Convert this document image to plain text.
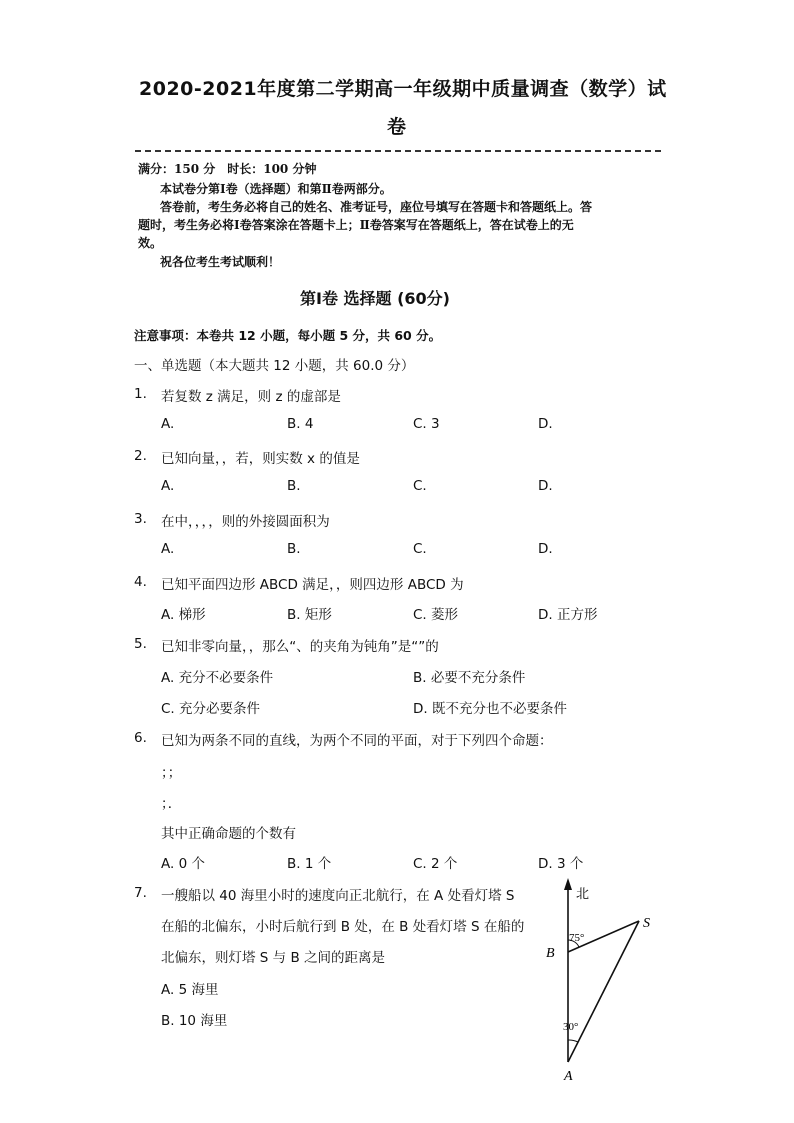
2020-2021年度第二学期高一年级期中质量调查（数学）试
卷
满分：150 分　时长：100 分钟
本试卷分第Ⅰ卷（选择题）和第Ⅱ卷两部分。
答卷前，考生务必将自己的姓名、准考证号，座位号填写在答题卡和答题纸上。答
题时，考生务必将Ⅰ卷答案涂在答题卡上；Ⅱ卷答案写在答题纸上，答在试卷上的无
效。
祝各位考生考试顺利！
第Ⅰ卷 选择题 (60分)
注意事项：本卷共 12 小题，每小题 5 分，共 60 分。
一、单选题（本大题共 12 小题，共 60.0 分）
1. 若复数 z 满足，则 z 的虚部是
A.	B. 4	C. 3	D.
2. 已知向量，，若，则实数 x 的值是
A.	B.	C.	D.
3. 在中，，，，则的外接圆面积为
A.	B.	C.	D.
4. 已知平面四边形 ABCD 满足，，则四边形 ABCD 为
A. 梯形	B. 矩形	C. 菱形	D. 正方形
5. 已知非零向量，，那么“、的夹角为钝角”是“”的
A. 充分不必要条件	B. 必要不充分条件
C. 充分必要条件	D. 既不充分也不必要条件
6. 已知为两条不同的直线，为两个不同的平面，对于下列四个命题：
；；
；．
其中正确命题的个数有
A. 0 个	B. 1 个	C. 2 个	D. 3 个
7. 一艘船以 40 海里小时的速度向正北航行，在 A 处看灯塔 S
在船的北偏东，小时后航行到 B 处，在 B 处看灯塔 S 在船的
北偏东，则灯塔 S 与 B 之间的距离是
A. 5 海里
B. 10 海里
北
S
B
A
75°
30°
